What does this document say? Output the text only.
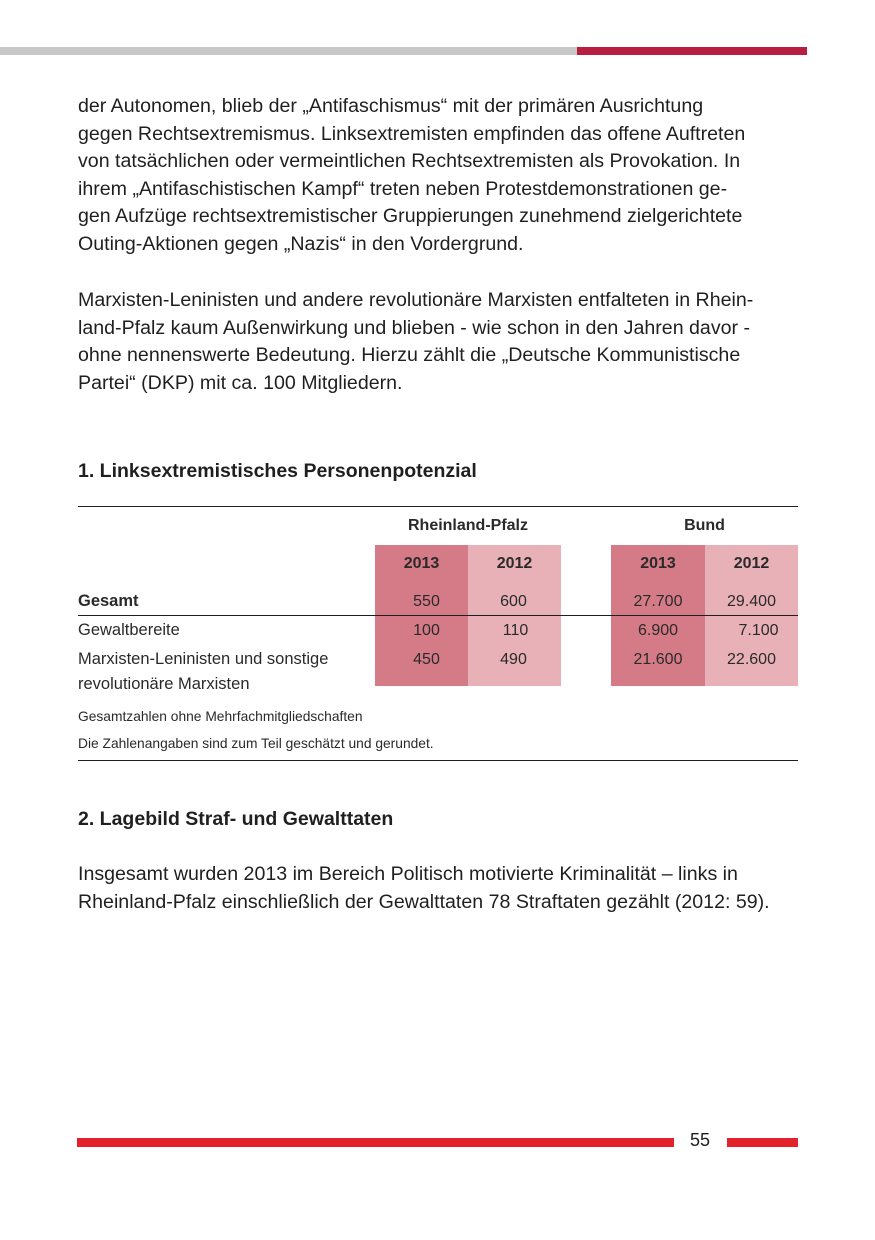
der Autonomen, blieb der „Antifaschismus“ mit der primären Ausrichtung
gegen Rechtsextremismus. Linksextremisten empfinden das offene Auftreten
von tatsächlichen oder vermeintlichen Rechtsextremisten als Provokation. In
ihrem „Antifaschistischen Kampf“ treten neben Protestdemonstrationen ge-
gen Aufzüge rechtsextremistischer Gruppierungen zunehmend zielgerichtete
Outing-Aktionen gegen „Nazis“ in den Vordergrund.

Marxisten-Leninisten und andere revolutionäre Marxisten entfalteten in Rhein-
land-Pfalz kaum Außenwirkung und blieben - wie schon in den Jahren davor -
ohne nennenswerte Bedeutung. Hierzu zählt die „Deutsche Kommunistische
Partei“ (DKP) mit ca. 100 Mitgliedern.

1. Linksextremistisches Personenpotenzial
Rheinland-Pfalz	Bund
2013	2012	2013	2012
Gesamt	550	600	27.700	29.400
Gewaltbereite	100	110	6.900	7.100
Marxisten-Leninisten und sonstige
revolutionäre Marxisten
450	490	21.600	22.600
Gesamtzahlen ohne Mehrfachmitgliedschaften
Die Zahlenangaben sind zum Teil geschätzt und gerundet.
2. Lagebild Straf- und Gewalttaten

Insgesamt wurden 2013 im Bereich Politisch motivierte Kriminalität – links in
Rheinland-Pfalz einschließlich der Gewalttaten 78 Straftaten gezählt (2012: 59).

55
